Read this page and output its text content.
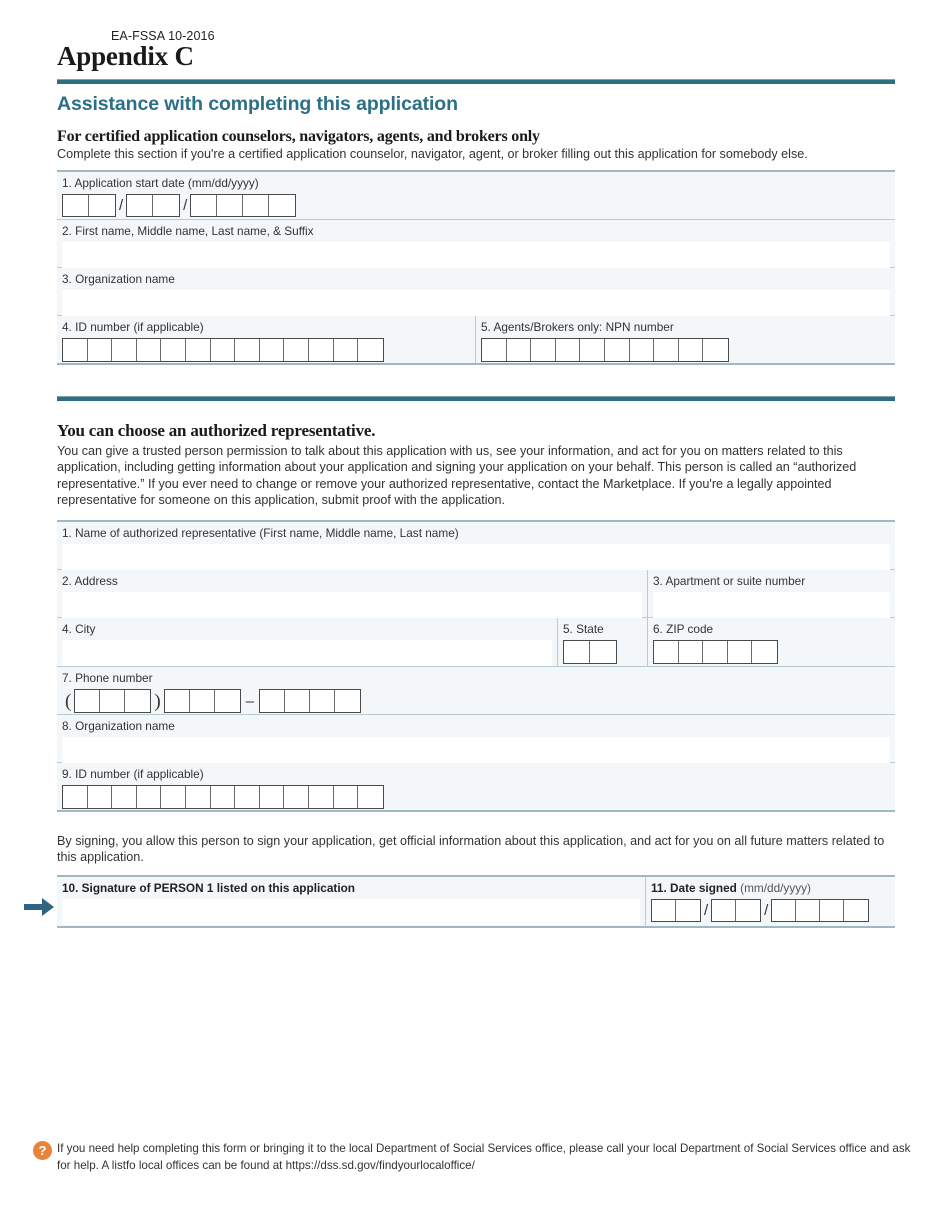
EA-FSSA 10-2016
Appendix C
Assistance with completing this application
For certified application counselors, navigators, agents, and brokers only
Complete this section if you're a certified application counselor, navigator, agent, or broker filling out this application for somebody else.
1. Application start date (mm/dd/yyyy)
/	/
2. First name, Middle name, Last name, & Suffix
3. Organization name
4. ID number (if applicable)	5. Agents/Brokers only: NPN number
You can choose an authorized representative.
You can give a trusted person permission to talk about this application with us, see your information, and act for you on matters related to this application, including getting information about your application and signing your application on your behalf. This person is called an “authorized representative.” If you ever need to change or remove your authorized representative, contact the Marketplace. If you're a legally appointed representative for someone on this application, submit proof with the application.
1. Name of authorized representative (First name, Middle name, Last name)
2. Address	3. Apartment or suite number
4. City	5. State	6. ZIP code
7. Phone number
(	)	–
8. Organization name
9. ID number (if applicable)
By signing, you allow this person to sign your application, get official information about this application, and act for you on all future matters related to this application.
10. Signature of PERSON 1 listed on this application	11. Date signed (mm/dd/yyyy)
/	/
? If you need help completing this form or bringing it to the local Department of Social Services office, please call your local Department of Social Services office and ask for help. A listfo local offices can be found at https://dss.sd.gov/findyourlocaloffice/
